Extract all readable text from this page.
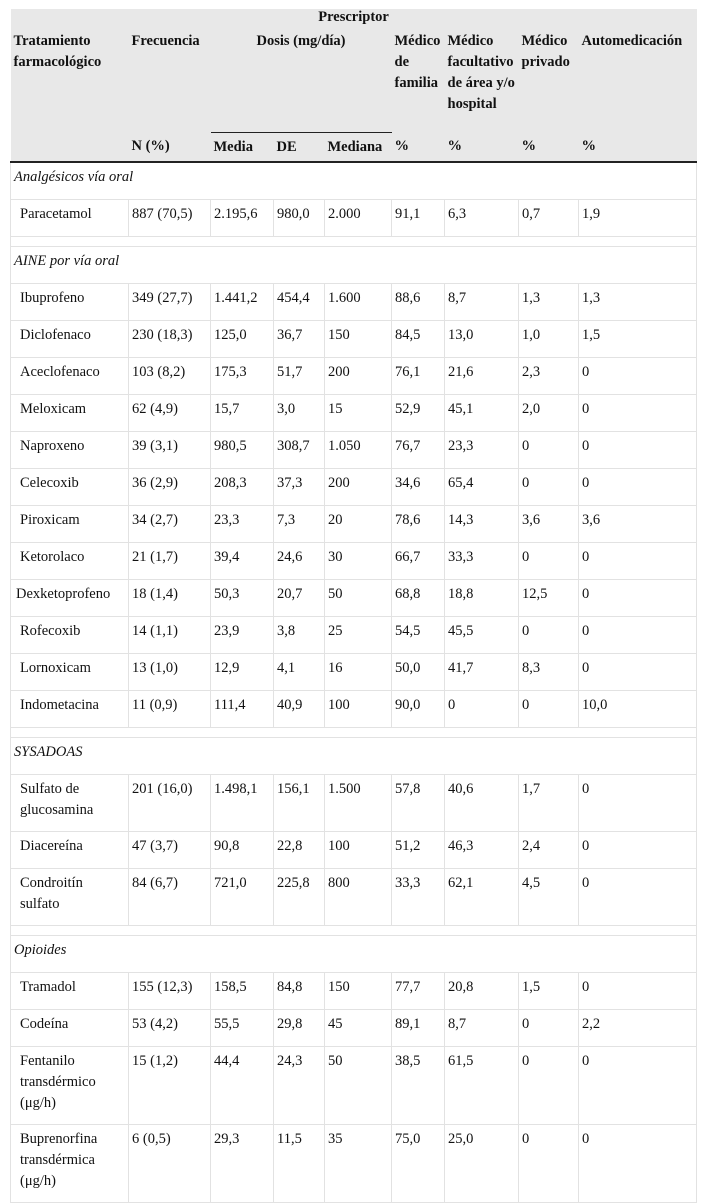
Prescriptor								
Tratamiento farmacológico	Frecuencia	Dosis (mg/día)			Médico de familia	Médico facultativo de área y/o hospital	Médico privado	Automedicación
	N (%)	Media	DE	Mediana	%	%	%	%
Analgésicos vía oral								
Paracetamol	887 (70,5)	2.195,6	980,0	2.000	91,1	6,3	0,7	1,9

AINE por vía oral								
Ibuprofeno	349 (27,7)	1.441,2	454,4	1.600	88,6	8,7	1,3	1,3
Diclofenaco	230 (18,3)	125,0	36,7	150	84,5	13,0	1,0	1,5
Aceclofenaco	103 (8,2)	175,3	51,7	200	76,1	21,6	2,3	0
Meloxicam	62 (4,9)	15,7	3,0	15	52,9	45,1	2,0	0
Naproxeno	39 (3,1)	980,5	308,7	1.050	76,7	23,3	0	0
Celecoxib	36 (2,9)	208,3	37,3	200	34,6	65,4	0	0
Piroxicam	34 (2,7)	23,3	7,3	20	78,6	14,3	3,6	3,6
Ketorolaco	21 (1,7)	39,4	24,6	30	66,7	33,3	0	0
Dexketoprofeno	18 (1,4)	50,3	20,7	50	68,8	18,8	12,5	0
Rofecoxib	14 (1,1)	23,9	3,8	25	54,5	45,5	0	0
Lornoxicam	13 (1,0)	12,9	4,1	16	50,0	41,7	8,3	0
Indometacina	11 (0,9)	111,4	40,9	100	90,0	0	0	10,0

SYSADOAS								
Sulfato de glucosamina	201 (16,0)	1.498,1	156,1	1.500	57,8	40,6	1,7	0
Diacereína	47 (3,7)	90,8	22,8	100	51,2	46,3	2,4	0
Condroitín sulfato	84 (6,7)	721,0	225,8	800	33,3	62,1	4,5	0

Opioides								
Tramadol	155 (12,3)	158,5	84,8	150	77,7	20,8	1,5	0
Codeína	53 (4,2)	55,5	29,8	45	89,1	8,7	0	2,2
Fentanilo transdérmico (μg/h)	15 (1,2)	44,4	24,3	50	38,5	61,5	0	0
Buprenorfina transdérmica (μg/h)	6 (0,5)	29,3	11,5	35	75,0	25,0	0	0
